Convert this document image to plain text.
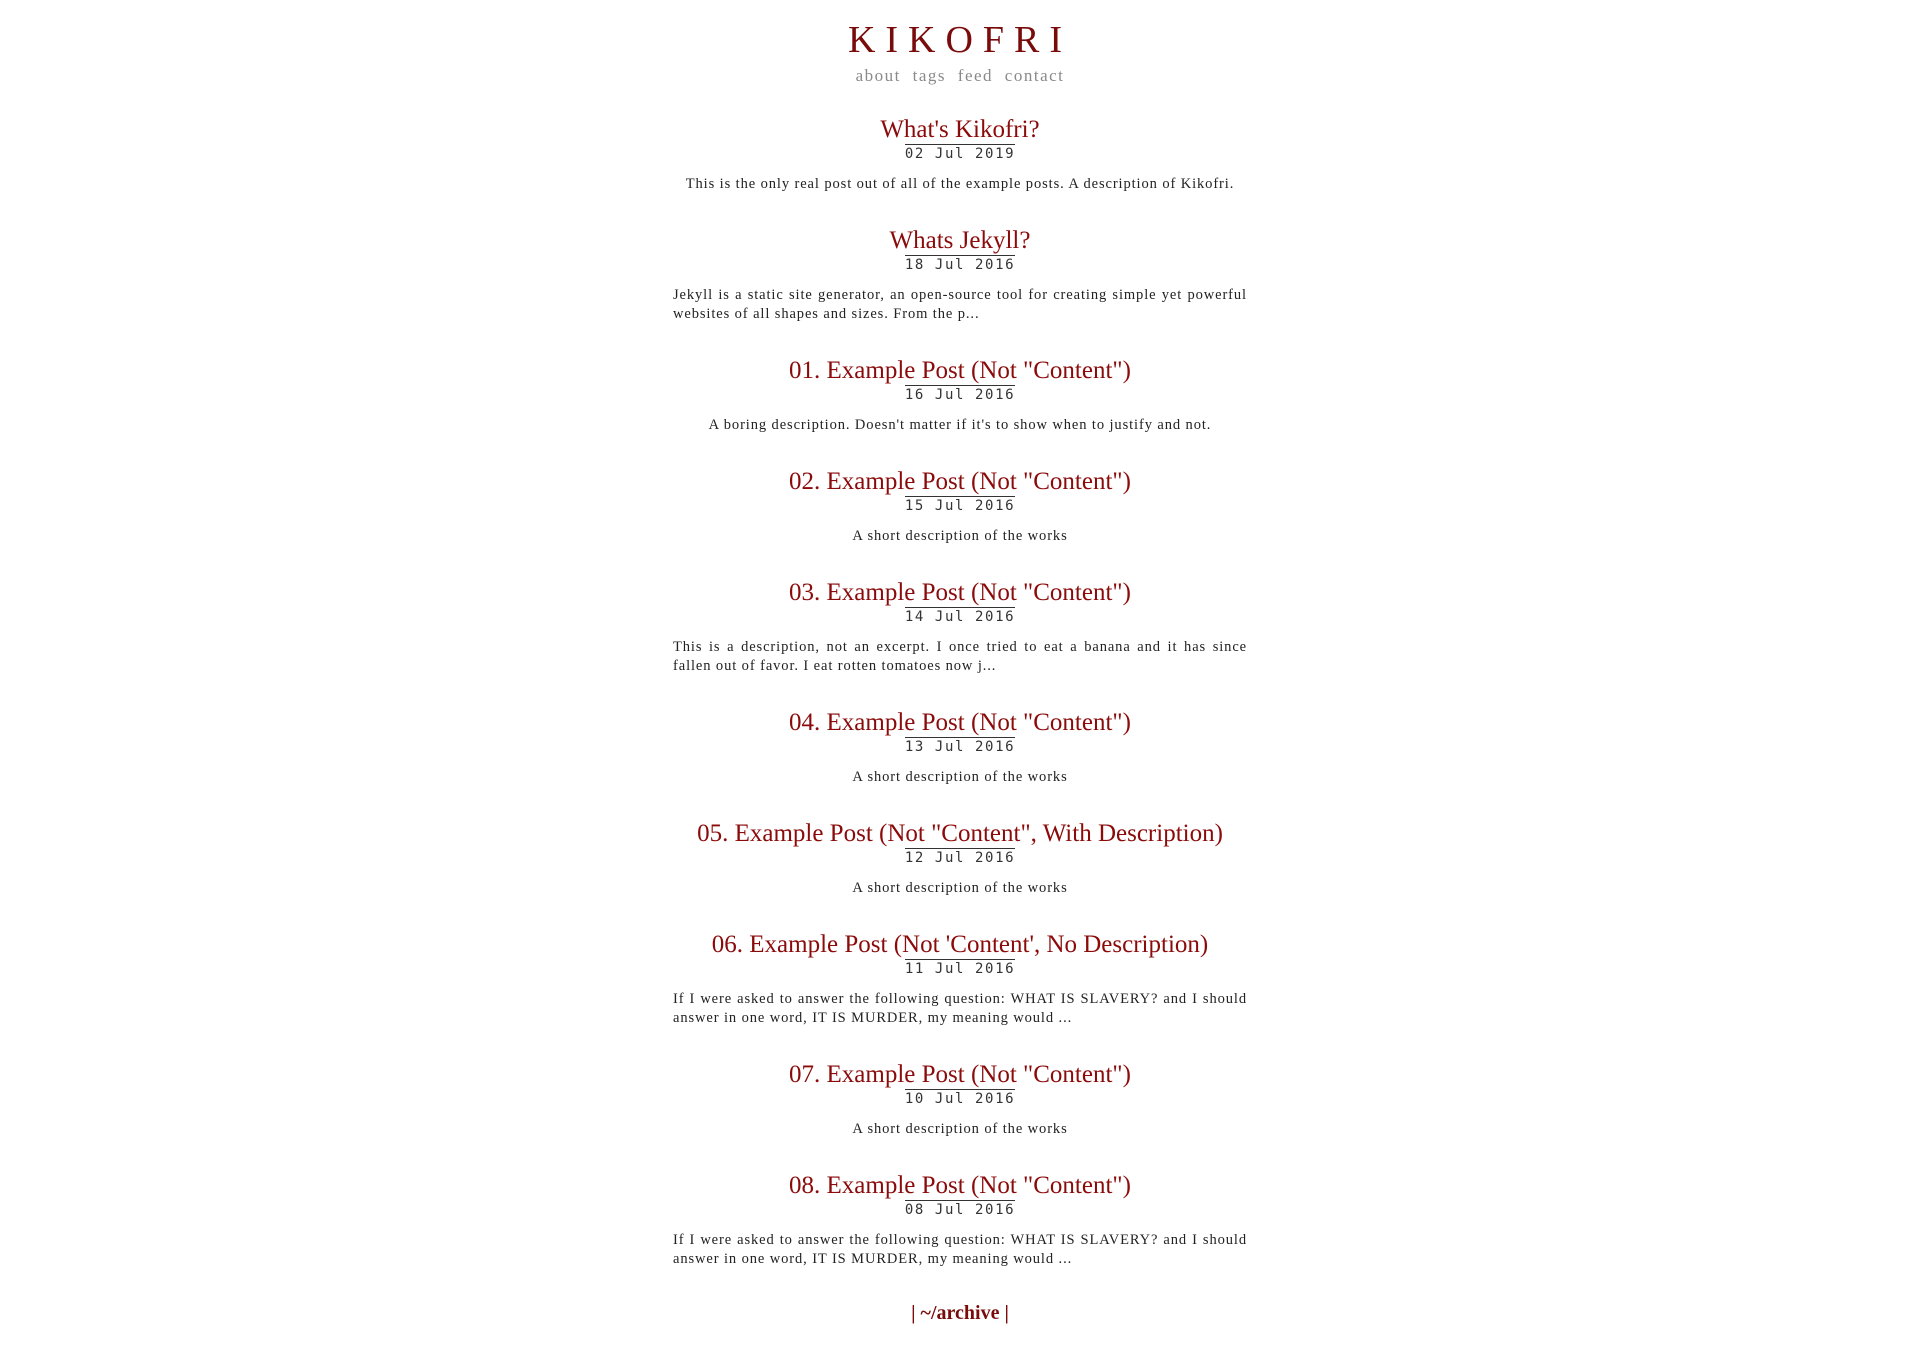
KIKOFRI
about tags feed contact
What's Kikofri?
02 Jul 2019

This is the only real post out of all of the example posts. A description of Kikofri.

Whats Jekyll?
18 Jul 2016

Jekyll is a static site generator, an open-source tool for creating simple yet powerful websites of all shapes and sizes. From the p...

01. Example Post (Not "Content")
16 Jul 2016

A boring description. Doesn't matter if it's to show when to justify and not.

02. Example Post (Not "Content")
15 Jul 2016

A short description of the works

03. Example Post (Not "Content")
14 Jul 2016

This is a description, not an excerpt. I once tried to eat a banana and it has since fallen out of favor. I eat rotten tomatoes now j...

04. Example Post (Not "Content")
13 Jul 2016

A short description of the works

05. Example Post (Not "Content", With Description)
12 Jul 2016

A short description of the works

06. Example Post (Not 'Content', No Description)
11 Jul 2016

If I were asked to answer the following question: WHAT IS SLAVERY? and I should answer in one word, IT IS MURDER, my meaning would ...

07. Example Post (Not "Content")
10 Jul 2016

A short description of the works

08. Example Post (Not "Content")
08 Jul 2016

If I were asked to answer the following question: WHAT IS SLAVERY? and I should answer in one word, IT IS MURDER, my meaning would ...

| ~/archive |
